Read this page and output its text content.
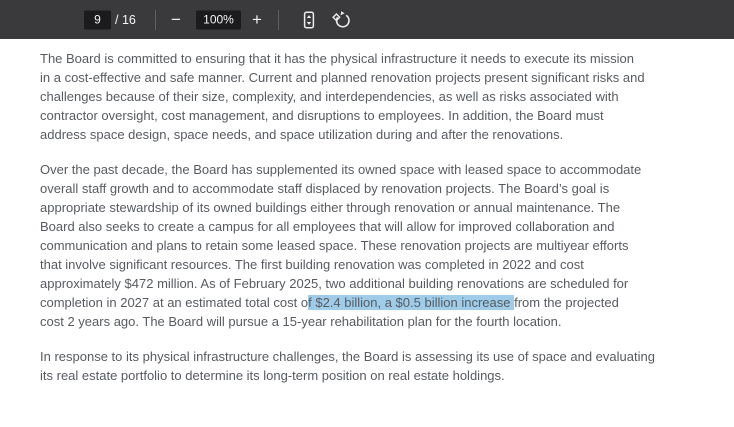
9
/ 16	−	100%	+
The Board is committed to ensuring that it has the physical infrastructure it needs to execute its mission
in a cost-effective and safe manner. Current and planned renovation projects present significant risks and
challenges because of their size, complexity, and interdependencies, as well as risks associated with
contractor oversight, cost management, and disruptions to employees. In addition, the Board must
address space design, space needs, and space utilization during and after the renovations.
Over the past decade, the Board has supplemented its owned space with leased space to accommodate
overall staff growth and to accommodate staff displaced by renovation projects. The Board’s goal is
appropriate stewardship of its owned buildings either through renovation or annual maintenance. The
Board also seeks to create a campus for all employees that will allow for improved collaboration and
communication and plans to retain some leased space. These renovation projects are multiyear efforts
that involve significant resources. The first building renovation was completed in 2022 and cost
approximately $472 million. As of February 2025, two additional building renovations are scheduled for
completion in 2027 at an estimated total cost of $2.4 billion, a $0.5 billion increase from the projected
cost 2 years ago. The Board will pursue a 15-year rehabilitation plan for the fourth location.
In response to its physical infrastructure challenges, the Board is assessing its use of space and evaluating
its real estate portfolio to determine its long-term position on real estate holdings.
